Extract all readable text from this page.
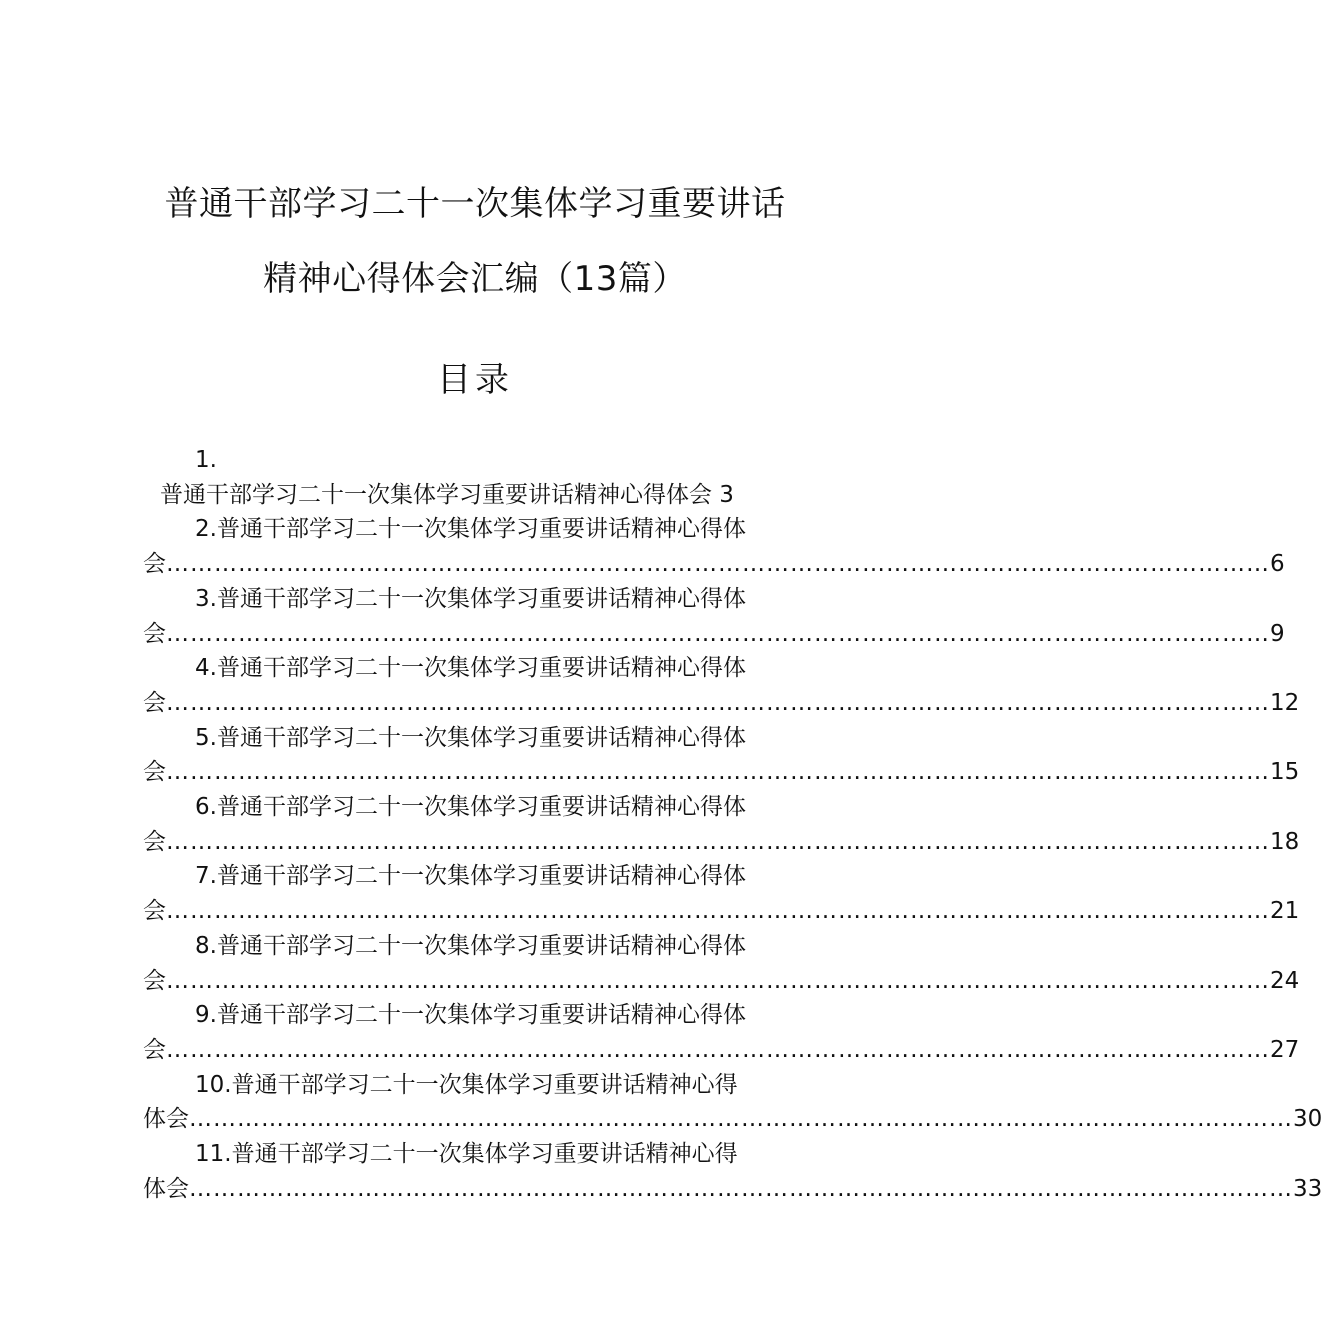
普通干部学习二十一次集体学习重要讲话
精神心得体会汇编（13篇）
目录
1.
普通干部学习二十一次集体学习重要讲话精神心得体会 3
2.普通干部学习二十一次集体学习重要讲话精神心得体
会 ………………………………………………………………………………………………………………………… 6
3.普通干部学习二十一次集体学习重要讲话精神心得体
会 ………………………………………………………………………………………………………………………… 9
4.普通干部学习二十一次集体学习重要讲话精神心得体
会 ………………………………………………………………………………………………………………………… 12
5.普通干部学习二十一次集体学习重要讲话精神心得体
会 ………………………………………………………………………………………………………………………… 15
6.普通干部学习二十一次集体学习重要讲话精神心得体
会 ………………………………………………………………………………………………………………………… 18
7.普通干部学习二十一次集体学习重要讲话精神心得体
会 ………………………………………………………………………………………………………………………… 21
8.普通干部学习二十一次集体学习重要讲话精神心得体
会 ………………………………………………………………………………………………………………………… 24
9.普通干部学习二十一次集体学习重要讲话精神心得体
会 ………………………………………………………………………………………………………………………… 27
10.普通干部学习二十一次集体学习重要讲话精神心得
体会 ………………………………………………………………………………………………………………………… 30
11.普通干部学习二十一次集体学习重要讲话精神心得
体会 ………………………………………………………………………………………………………………………… 33
